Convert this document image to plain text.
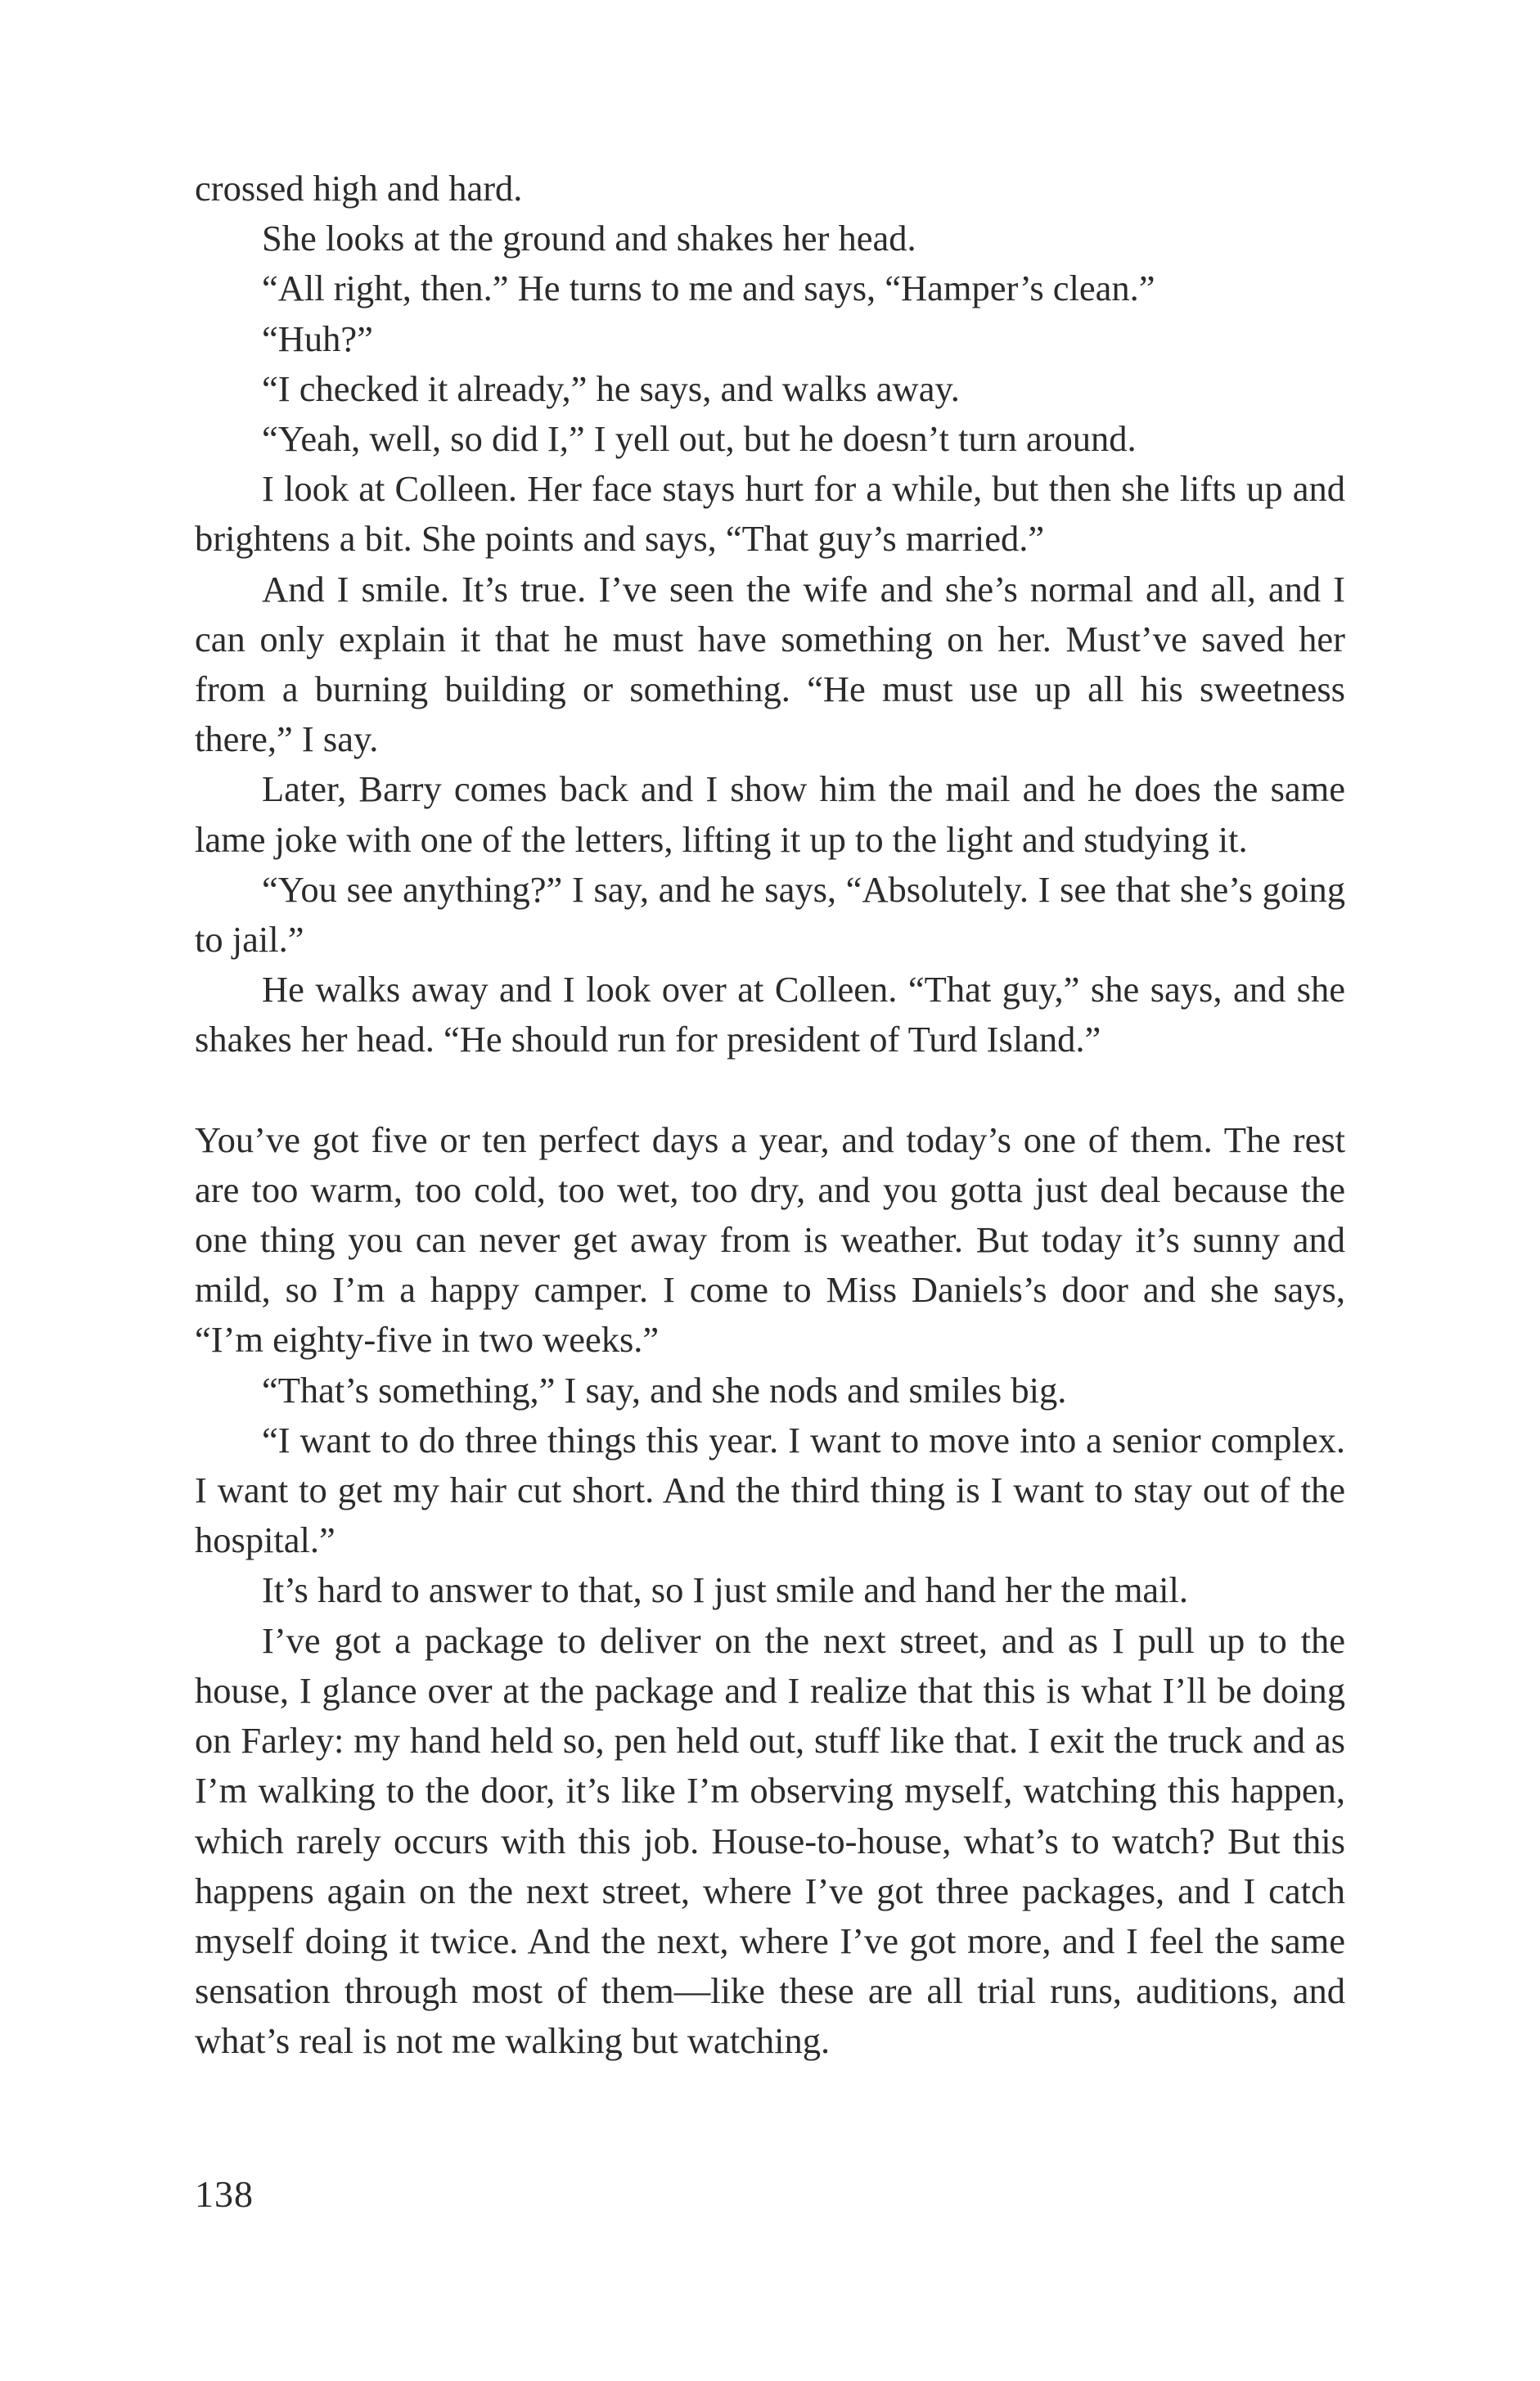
crossed high and hard.

She looks at the ground and shakes her head.

“All right, then.” He turns to me and says, “Hamper’s clean.”

“Huh?”

“I checked it already,” he says, and walks away.

“Yeah, well, so did I,” I yell out, but he doesn’t turn around.

I look at Colleen. Her face stays hurt for a while, but then she lifts up and brightens a bit. She points and says, “That guy’s married.”

And I smile. It’s true. I’ve seen the wife and she’s normal and all, and I can only explain it that he must have something on her. Must’ve saved her from a burning building or something. “He must use up all his sweetness there,” I say.

Later, Barry comes back and I show him the mail and he does the same lame joke with one of the letters, lifting it up to the light and studying it.

“You see anything?” I say, and he says, “Absolutely. I see that she’s going to jail.”

He walks away and I look over at Colleen. “That guy,” she says, and she shakes her head. “He should run for president of Turd Island.”

You’ve got five or ten perfect days a year, and today’s one of them. The rest are too warm, too cold, too wet, too dry, and you gotta just deal because the one thing you can never get away from is weather. But today it’s sunny and mild, so I’m a happy camper. I come to Miss Daniels’s door and she says, “I’m eighty-five in two weeks.”

“That’s something,” I say, and she nods and smiles big.

“I want to do three things this year. I want to move into a senior complex. I want to get my hair cut short. And the third thing is I want to stay out of the hospital.”

It’s hard to answer to that, so I just smile and hand her the mail.

I’ve got a package to deliver on the next street, and as I pull up to the house, I glance over at the package and I realize that this is what I’ll be doing on Farley: my hand held so, pen held out, stuff like that. I exit the truck and as I’m walking to the door, it’s like I’m observing myself, watching this happen, which rarely occurs with this job. House-to-house, what’s to watch? But this happens again on the next street, where I’ve got three packages, and I catch myself doing it twice. And the next, where I’ve got more, and I feel the same sensation through most of them—like these are all trial runs, auditions, and what’s real is not me walking but watching.

138
